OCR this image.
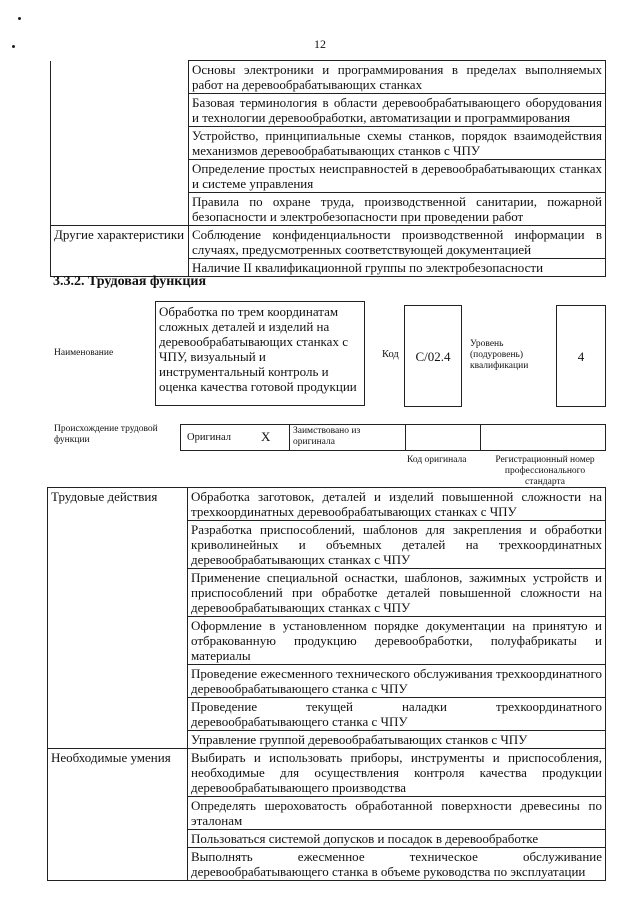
12
	Основы электроники и программирования в пределах выполняемых работ на деревообрабатывающих станках
	Базовая терминология в области деревообрабатывающего оборудования и технологии деревообработки, автоматизации и программирования
	Устройство, принципиальные схемы станков, порядок взаимодействия механизмов деревообрабатывающих станков с ЧПУ
	Определение простых неисправностей в деревообрабатывающих станках и системе управления
	Правила по охране труда, производственной санитарии, пожарной безопасности и электробезопасности при проведении работ
Другие характеристики	Соблюдение конфиденциальности производственной информации в случаях, предусмотренных соответствующей документацией
	Наличие II квалификационной группы по электробезопасности
3.3.2. Трудовая функция
Наименование
Обработка по трем координатам сложных деталей и изделий на деревообрабатывающих станках с ЧПУ, визуальный и инструментальный контроль и оценка качества готовой продукции
Код	С/02.4
Уровень (подуровень) квалификации
4
Происхождение трудовой функции	Оригинал X Заимствовано из оригинала
Код оригинала	Регистрационный номер профессионального стандарта
Трудовые действия	Обработка заготовок, деталей и изделий повышенной сложности на трехкоординатных деревообрабатывающих станках с ЧПУ
	Разработка приспособлений, шаблонов для закрепления и обработки криволинейных и объемных деталей на трехкоординатных деревообрабатывающих станках с ЧПУ
	Применение специальной оснастки, шаблонов, зажимных устройств и приспособлений при обработке деталей повышенной сложности на деревообрабатывающих станках с ЧПУ
	Оформление в установленном порядке документации на принятую и отбракованную продукцию деревообработки, полуфабрикаты и материалы
	Проведение ежесменного технического обслуживания трехкоординатного деревообрабатывающего станка с ЧПУ
	Проведение текущей наладки трехкоординатного деревообрабатывающего станка с ЧПУ
	Управление группой деревообрабатывающих станков с ЧПУ
Необходимые умения	Выбирать и использовать приборы, инструменты и приспособления, необходимые для осуществления контроля качества продукции деревообрабатывающего производства
	Определять шероховатость обработанной поверхности древесины по эталонам
	Пользоваться системой допусков и посадок в деревообработке
	Выполнять ежесменное техническое обслуживание деревообрабатывающего станка в объеме руководства по эксплуатации
